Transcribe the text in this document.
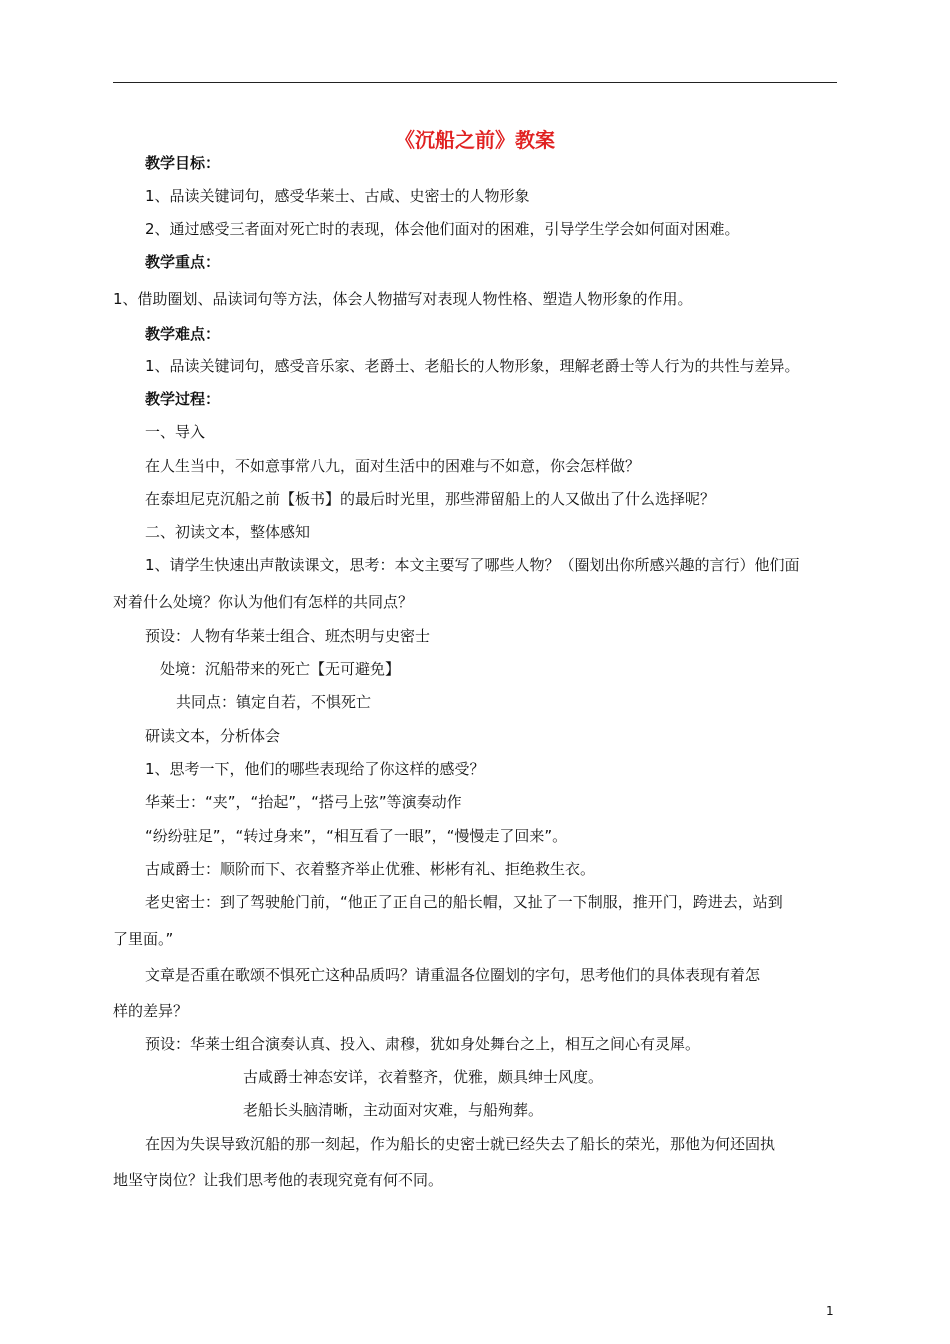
《沉船之前》教案
教学目标：
1、品读关键词句，感受华莱士、古咸、史密士的人物形象
2、通过感受三者面对死亡时的表现，体会他们面对的困难，引导学生学会如何面对困难。
教学重点：
1、借助圈划、品读词句等方法，体会人物描写对表现人物性格、塑造人物形象的作用。
教学难点：
1、品读关键词句，感受音乐家、老爵士、老船长的人物形象，理解老爵士等人行为的共性与差异。
教学过程：
一、导入
在人生当中，不如意事常八九，面对生活中的困难与不如意，你会怎样做？
在泰坦尼克沉船之前【板书】的最后时光里，那些滞留船上的人又做出了什么选择呢？
二、初读文本，整体感知
1、请学生快速出声散读课文，思考：本文主要写了哪些人物？（圈划出你所感兴趣的言行）他们面
对着什么处境？你认为他们有怎样的共同点？
预设：人物有华莱士组合、班杰明与史密士
处境：沉船带来的死亡【无可避免】
共同点：镇定自若，不惧死亡
研读文本，分析体会
1、思考一下，他们的哪些表现给了你这样的感受？
华莱士：“夹”，“抬起”，“搭弓上弦”等演奏动作
“纷纷驻足”，“转过身来”，“相互看了一眼”，“慢慢走了回来”。
古咸爵士：顺阶而下、衣着整齐举止优雅、彬彬有礼、拒绝救生衣。
老史密士：到了驾驶舱门前，“他正了正自己的船长帽，又扯了一下制服，推开门，跨进去，站到
了里面。”
文章是否重在歌颂不惧死亡这种品质吗？请重温各位圈划的字句，思考他们的具体表现有着怎
样的差异？
预设：华莱士组合演奏认真、投入、肃穆，犹如身处舞台之上，相互之间心有灵犀。
古咸爵士神态安详，衣着整齐，优雅，颇具绅士风度。
老船长头脑清晰，主动面对灾难，与船殉葬。
在因为失误导致沉船的那一刻起，作为船长的史密士就已经失去了船长的荣光，那他为何还固执
地坚守岗位？让我们思考他的表现究竟有何不同。
1
